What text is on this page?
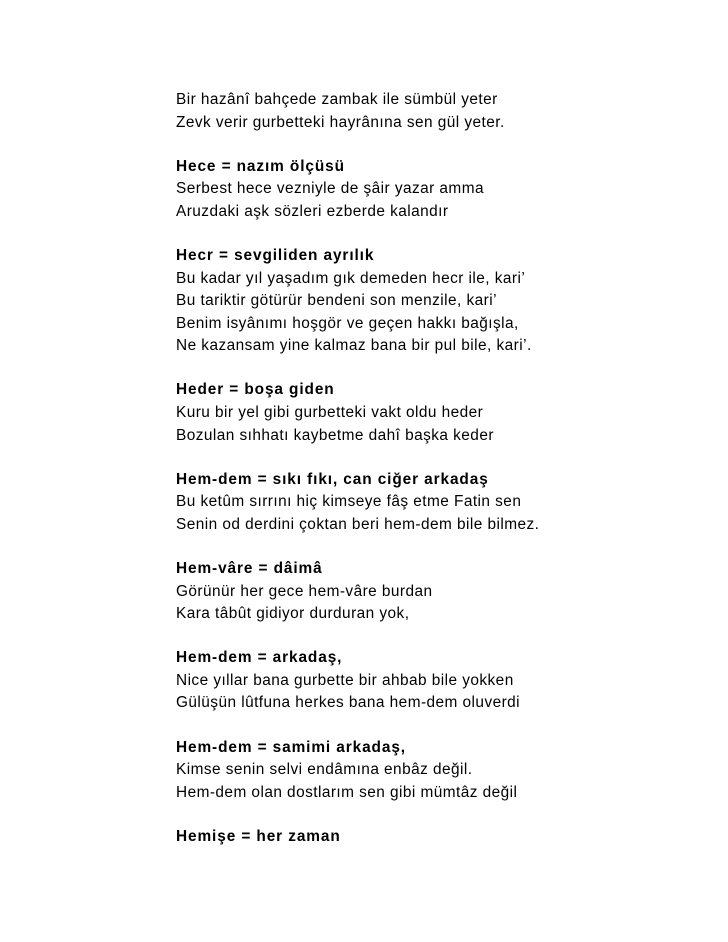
Bir hazânî bahçede zambak ile sümbül yeter
Zevk verir gurbetteki hayrânına sen gül yeter.
Hece = nazım ölçüsü
Serbest hece vezniyle de şâir yazar amma
Aruzdaki aşk sözleri ezberde kalandır
Hecr = sevgiliden ayrılık
Bu kadar yıl yaşadım gık demeden hecr ile, kari’
Bu tariktir götürür bendeni son menzile, kari’
Benim isyânımı hoşgör ve geçen hakkı bağışla,
Ne kazansam yine kalmaz bana bir pul bile, kari’.
Heder = boşa giden
Kuru bir yel gibi gurbetteki vakt oldu heder
Bozulan sıhhatı kaybetme dahî başka keder
Hem-dem = sıkı fıkı, can ciğer arkadaş
Bu ketûm sırrını hiç kimseye fâş etme Fatin sen
Senin od derdini çoktan beri hem-dem bile bilmez.
Hem-vâre = dâimâ
Görünür her gece hem-vâre burdan
Kara tâbût gidiyor durduran yok,
Hem-dem = arkadaş,
Nice yıllar bana gurbette bir ahbab bile yokken
Gülüşün lûtfuna herkes bana hem-dem oluverdi
Hem-dem = samimi arkadaş,
Kimse senin selvi endâmına enbâz değil.
Hem-dem olan dostlarım sen gibi mümtâz değil
Hemişe = her zaman
